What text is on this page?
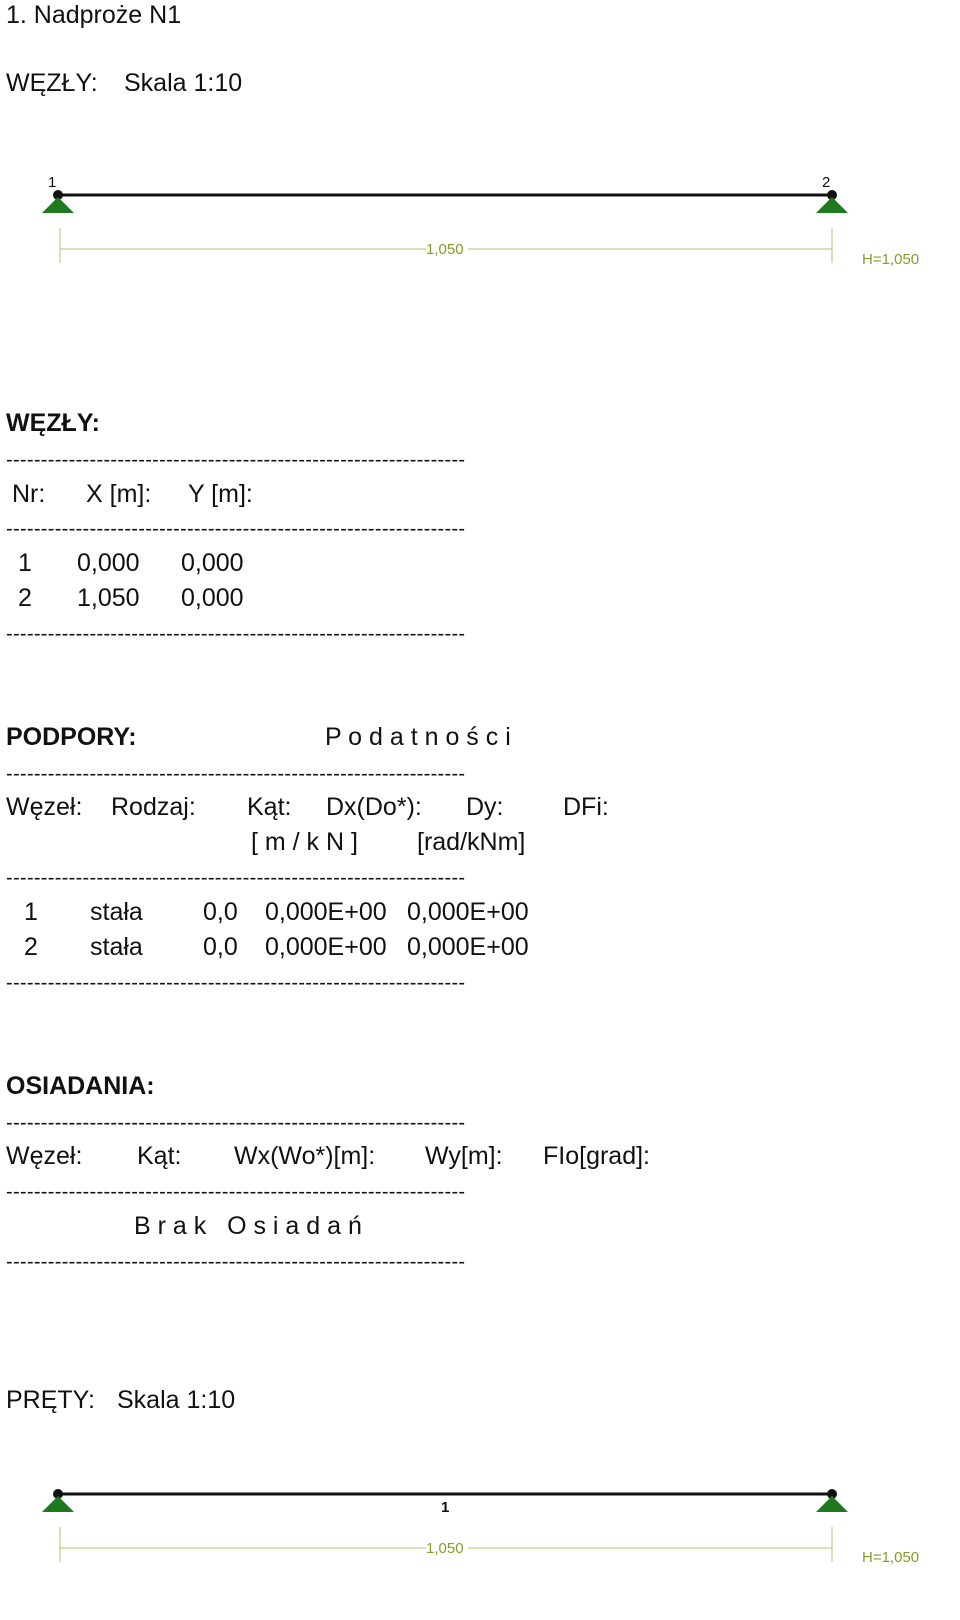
1. Nadproże N1
WĘZŁY: Skala 1:10
1	2
1,050
H=1,050
WĘZŁY:
------------------------------------------------------------------
Nr: X [m]: Y [m]:
------------------------------------------------------------------
1 0,000 0,000
2 1,050 0,000
------------------------------------------------------------------
PODPORY:	P o d a t n o ś c i
------------------------------------------------------------------
Węzeł: Rodzaj: Kąt: Dx(Do*): Dy: DFi:
[ m / k N ] [rad/kNm]
------------------------------------------------------------------
1 stała 0,0 0,000E+00 0,000E+00
2 stała 0,0 0,000E+00 0,000E+00
------------------------------------------------------------------
OSIADANIA:
------------------------------------------------------------------
Węzeł: Kąt: Wx(Wo*)[m]: Wy[m]: FIo[grad]:
------------------------------------------------------------------
B r a k   O s i a d a ń
------------------------------------------------------------------
PRĘTY: Skala 1:10
1
1,050
H=1,050
